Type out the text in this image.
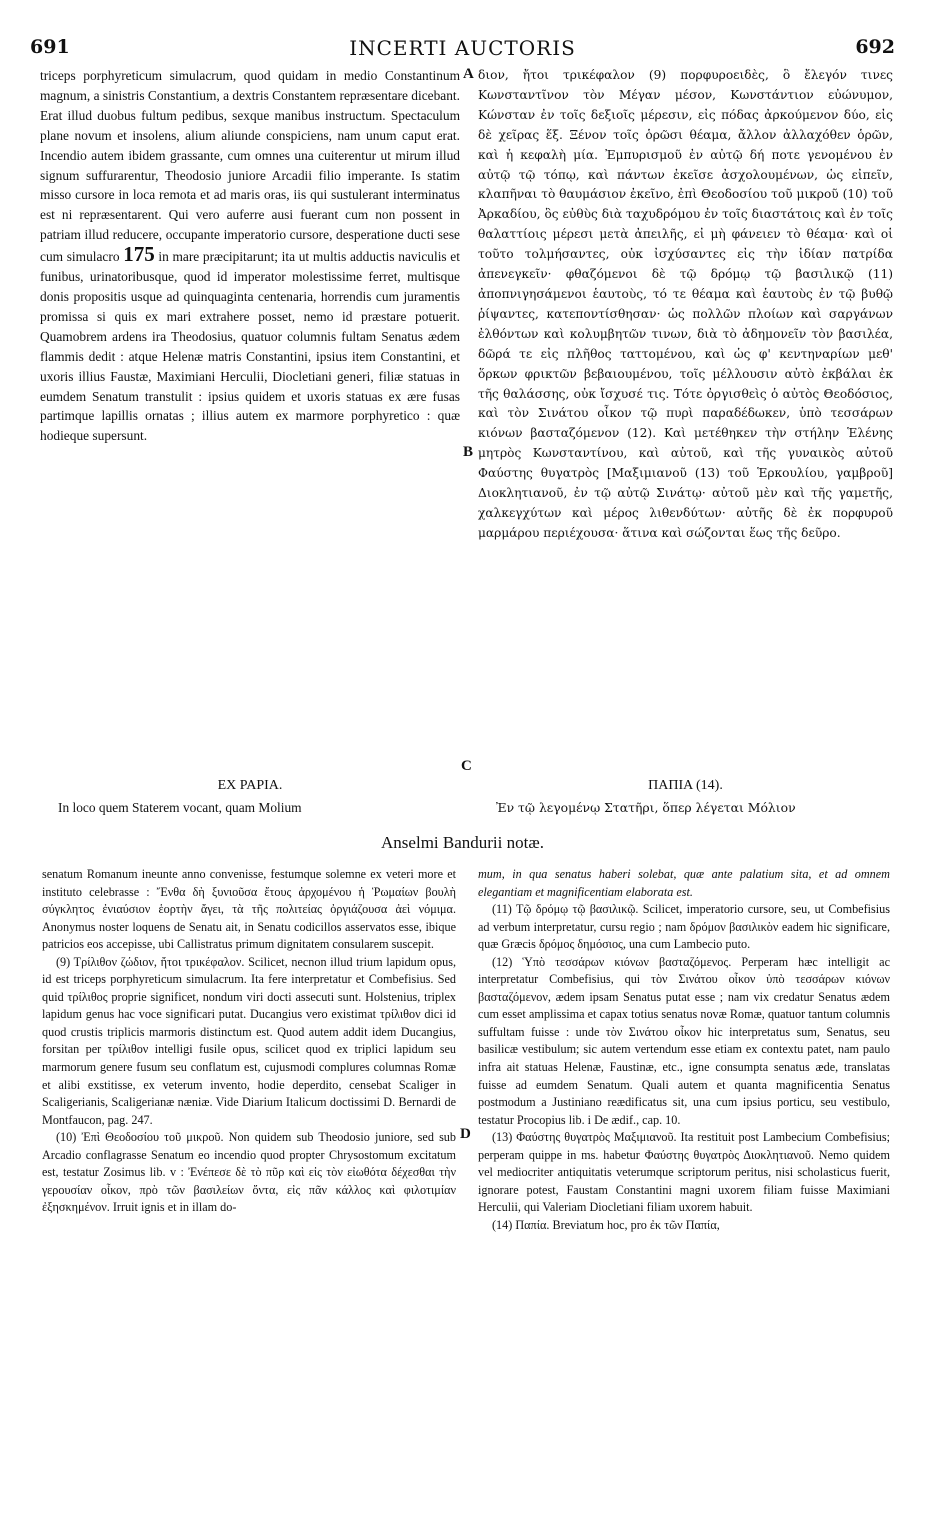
691	INCERTI AUCTORIS	692

triceps porphyreticum simulacrum, quod quidam in medio Constantinum magnum, a sinistris Constantium, a dextris Constantem repræsentare dicebant. Erat illud duobus fultum pedibus, sexque manibus instructum. Spectaculum plane novum et insolens, alium aliunde conspiciens, nam unum caput erat. Incendio autem ibidem grassante, cum omnes una cuiterentur ut mirum illud signum suffurarentur, Theodosio juniore Arcadii filio imperante. Is statim misso cursore in loca remota et ad maris oras, iis qui sustulerant interminatus est ni repræsentarent. Qui vero auferre ausi fuerant cum non possent in patriam illud reducere, occupante imperatorio cursore, desperatione ducti sese cum simulacro 175 in mare præcipitarunt; ita ut multis adductis naviculis et funibus, urinatoribusque, quod id imperator molestissime ferret, multisque donis propositis usque ad quinquaginta centenaria, horrendis cum juramentis promissa si quis ex mari extrahere posset, nemo id præstare potuerit. Quamobrem ardens ira Theodosius, quatuor columnis fultam Senatus ædem flammis dedit : atque Helenæ matris Constantini, ipsius item Constantini, et uxoris illius Faustæ, Maximiani Herculii, Diocletiani generi, filiæ statuas in eumdem Senatum transtulit : ipsius quidem et uxoris statuas ex ære fusas partimque lapillis ornatas ; illius autem ex marmore porphyretico : quæ hodieque supersunt.

A
B
C
D

διον, ἤτοι τρικέφαλον (9) πορφυροειδὲς, ὃ ἔλεγόν τινες Κωνσταντῖνον τὸν Μέγαν μέσον, Κωνστάντιον εὐώνυμον, Κώνσταν ἐν τοῖς δεξιοῖς μέρεσιν, εἰς πόδας ἀρκούμενον δύο, εἰς δὲ χεῖρας ἕξ. Ξένον τοῖς ὁρῶσι θέαμα, ἄλλον ἀλλαχόθεν ὁρῶν, καὶ ἡ κεφαλὴ μία. Ἐμπυρισμοῦ ἐν αὐτῷ δή ποτε γενομένου ἐν αὐτῷ τῷ τόπῳ, καὶ πάντων ἐκεῖσε ἀσχολουμένων, ὡς εἰπεῖν, κλαπῆναι τὸ θαυμάσιον ἐκεῖνο, ἐπὶ Θεοδοσίου τοῦ μικροῦ (10) τοῦ Ἀρκαδίου, ὃς εὐθὺς διὰ ταχυδρόμου ἐν τοῖς διαστάτοις καὶ ἐν τοῖς θαλαττίοις μέρεσι μετὰ ἀπειλῆς, εἰ μὴ φάνειεν τὸ θέαμα· καὶ οἱ τοῦτο τολμήσαντες, οὐκ ἰσχύσαντες εἰς τὴν ἰδίαν πατρίδα ἀπενεγκεῖν· φθαζόμενοι δὲ τῷ δρόμῳ τῷ βασιλικῷ (11) ἀποπνιγησάμενοι ἑαυτοὺς, τό τε θέαμα καὶ ἑαυτοὺς ἐν τῷ βυθῷ ῥίψαντες, κατεποντίσθησαν· ὡς πολλῶν πλοίων καὶ σαργάνων ἐλθόντων καὶ κολυμβητῶν τινων, διὰ τὸ ἀδημονεῖν τὸν βασιλέα, δῶρά τε εἰς πλῆθος ταττομένου, καὶ ὡς φ' κεντηναρίων μεθ' ὅρκων φρικτῶν βεβαιουμένου, τοῖς μέλλουσιν αὐτὸ ἐκβάλαι ἐκ τῆς θαλάσσης, οὐκ ἴσχυσέ τις. Τότε ὀργισθεὶς ὁ αὐτὸς Θεοδόσιος, καὶ τὸν Σινάτου οἶκον τῷ πυρὶ παραδέδωκεν, ὑπὸ τεσσάρων κιόνων βασταζόμενον (12). Καὶ μετέθηκεν τὴν στήλην Ἑλένης μητρὸς Κωνσταντίνου, καὶ αὐτοῦ, καὶ τῆς γυναικὸς αὐτοῦ Φαύστης θυγατρὸς [Μαξιμιανοῦ (13) τοῦ Ἑρκουλίου, γαμβροῦ] Διοκλητιανοῦ, ἐν τῷ αὐτῷ Σινάτῳ· αὐτοῦ μὲν καὶ τῆς γαμετῆς, χαλκεγχύτων καὶ μέρος λιθενδύτων· αὐτῆς δὲ ἐκ πορφυροῦ μαρμάρου περιέχουσα· ἅτινα καὶ σώζονται ἕως τῆς δεῦρο.

EX PAPIA.
In loco quem Staterem vocant, quam Molium
ΠΑΠΙΑ (14).
Ἐν τῷ λεγομένῳ Στατῆρι, ὅπερ λέγεται Μόλιον
Anselmi Bandurii notæ.

senatum Romanum ineunte anno convenisse, festumque solemne ex veteri more et instituto celebrasse : Ἔνθα δὴ ξυνιοῦσα ἔτους ἀρχομένου ἡ Ῥωμαίων βουλὴ σύγκλητος ἐνιαύσιον ἑορτὴν ἄγει, τὰ τῆς πολιτείας ὀργιάζουσα ἀεὶ νόμιμα. Anonymus noster loquens de Senatu ait, in Senatu codicillos asservatos esse, ibique patricios eos accepisse, ubi Callistratus primum dignitatem consularem suscepit.

(9) Τρίλιθον ζώδιον, ἤτοι τρικέφαλον. Scilicet, necnon illud trium lapidum opus, id est triceps porphyreticum simulacrum. Ita fere interpretatur et Combefisius. Sed quid τρίλιθος proprie significet, nondum viri docti assecuti sunt. Holstenius, triplex lapidum genus hac voce significari putat. Ducangius vero existimat τρίλιθον dici id quod crustis triplicis marmoris distinctum est. Quod autem addit idem Ducangius, forsitan per τρίλιθον intelligi fusile opus, scilicet quod ex triplici lapidum seu marmorum genere fusum seu conflatum est, cujusmodi complures columnas Romæ et alibi exstitisse, ex veterum invento, hodie deperdito, censebat Scaliger in Scaligerianis, Scaligerianæ næniæ. Vide Diarium Italicum doctissimi D. Bernardi de Montfaucon, pag. 247.

(10) Ἐπὶ Θεοδοσίου τοῦ μικροῦ. Non quidem sub Theodosio juniore, sed sub Arcadio conflagrasse Senatum eo incendio quod propter Chrysostomum excitatum est, testatur Zosimus lib. v : Ἐνέπεσε δὲ τὸ πῦρ καὶ εἰς τὸν εἰωθότα δέχεσθαι τὴν γερουσίαν οἶκον, πρὸ τῶν βασιλείων ὄντα, εἰς πᾶν κάλλος καὶ φιλοτιμίαν ἐξησκημένον. Irruit ignis et in illam do-

mum, in qua senatus haberi solebat, quæ ante palatium sita, et ad omnem elegantiam et magnificentiam elaborata est.

(11) Τῷ δρόμῳ τῷ βασιλικῷ. Scilicet, imperatorio cursore, seu, ut Combefisius ad verbum interpretatur, cursu regio ; nam δρόμον βασιλικὸν eadem hic significare, quæ Græcis δρόμος δημόσιος, una cum Lambecio puto.

(12) Ὑπὸ τεσσάρων κιόνων βασταζόμενος. Perperam hæc intelligit ac interpretatur Combefisius, qui τὸν Σινάτου οἶκον ὑπὸ τεσσάρων κιόνων βασταζόμενον, ædem ipsam Senatus putat esse ; nam vix credatur Senatus ædem cum esset amplissima et capax totius senatus novæ Romæ, quatuor tantum columnis suffultam fuisse : unde τὸν Σινάτου οἶκον hic interpretatus sum, Senatus, seu basilicæ vestibulum; sic autem vertendum esse etiam ex contextu patet, nam paulo infra ait statuas Helenæ, Faustinæ, etc., igne consumpta senatus æde, translatas fuisse ad eumdem Senatum. Quali autem et quanta magnificentia Senatus postmodum a Justiniano reædificatus sit, una cum ipsius porticu, seu vestibulo, testatur Procopius lib. i De ædif., cap. 10.

(13) Φαύστης θυγατρὸς Μαξιμιανοῦ. Ita restituit post Lambecium Combefisius; perperam quippe in ms. habetur Φαύστης θυγατρὸς Διοκλητιανοῦ. Nemo quidem vel mediocriter antiquitatis veterumque scriptorum peritus, nisi scholasticus fuerit, ignorare potest, Faustam Constantini magni uxorem filiam fuisse Maximiani Herculii, qui Valeriam Diocletiani filiam uxorem habuit.

(14) Παπία. Breviatum hoc, pro ἐκ τῶν Παπία,
